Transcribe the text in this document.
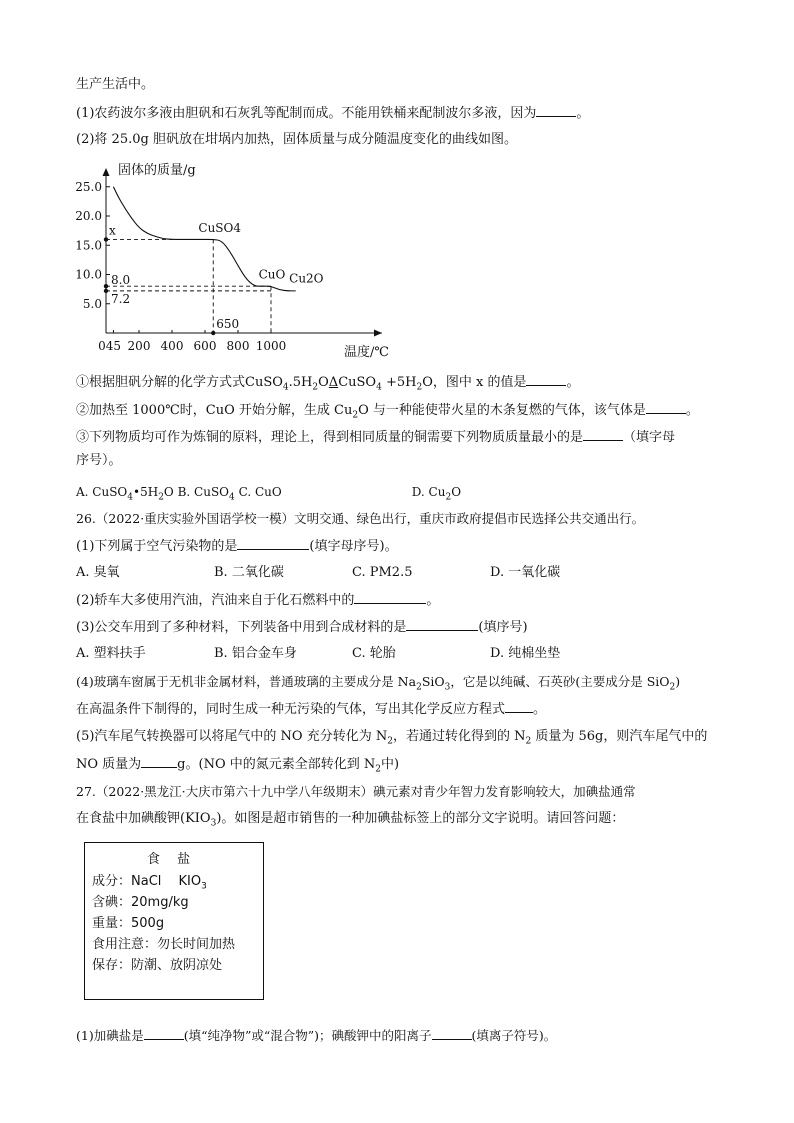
生产生活中。
(1)农药波尔多液由胆矾和石灰乳等配制而成。不能用铁桶来配制波尔多液，因为	。
(2)将 25.0g 胆矾放在坩埚内加热，固体质量与成分随温度变化的曲线如图。
固体的质量/g
温度/℃
25.0
20.0
15.0
10.0
5.0
0 45 200 400 600 800 1000
CuSO4
CuO Cu2O
x
8.0
7.2
650
①根据胆矾分解的化学方式式$CuSO_4.5H_2O\Delta CuSO_4 +5H_2O$，图中 x 的值是	。
②加热至 1000℃时，CuO 开始分解，生成 $Cu_2O$ 与一种能使带火星的木条复燃的气体，该气体是	。
③下列物质均可作为炼铜的原料，理论上，得到相同质量的铜需要下列物质质量最小的是	（填字母
序号）。
A. $CuSO_4•5H_2O$ B. CuSO$_4$ C. CuO	D. $Cu_2O$
26.（2022·重庆实验外国语学校一模）文明交通、绿色出行，重庆市政府提倡市民选择公共交通出行。
(1)下列属于空气污染物的是	(填字母序号)。
A. 臭氧	B. 二氧化碳	C. PM2.5	D. 一氧化碳
(2)轿车大多使用汽油，汽油来自于化石燃料中的	。
(3)公交车用到了多种材料，下列装备中用到合成材料的是	(填序号)
A. 塑料扶手	B. 铝合金车身	C. 轮胎	D. 纯棉坐垫
(4)玻璃车窗属于无机非金属材料，普通玻璃的主要成分是 $Na_2SiO_3$，它是以纯碱、石英砂(主要成分是 SiO$_2$)
在高温条件下制得的，同时生成一种无污染的气体，写出其化学反应方程式 。
(5)汽车尾气转换器可以将尾气中的 NO 充分转化为 $N_2$，若通过转化得到的 $N_2$ 质量为 56g，则汽车尾气中的
NO 质量为	g。(NO 中的氮元素全部转化到 $N_2$中)
27.（2022·黑龙江·大庆市第六十九中学八年级期末）碘元素对青少年智力发育影响较大，加碘盐通常
在食盐中加碘酸钾$(KIO_3)$。如图是超市销售的一种加碘盐标签上的部分文字说明。请回答问题：
食　 盐
成分：NaCl　 $KIO_3$
含碘：20mg/kg
重量：500g
食用注意：勿长时间加热
保存：防潮、放阴凉处
(1)加碘盐是	(填“纯净物”或“混合物”)；碘酸钾中的阳离子	(填离子符号)。
